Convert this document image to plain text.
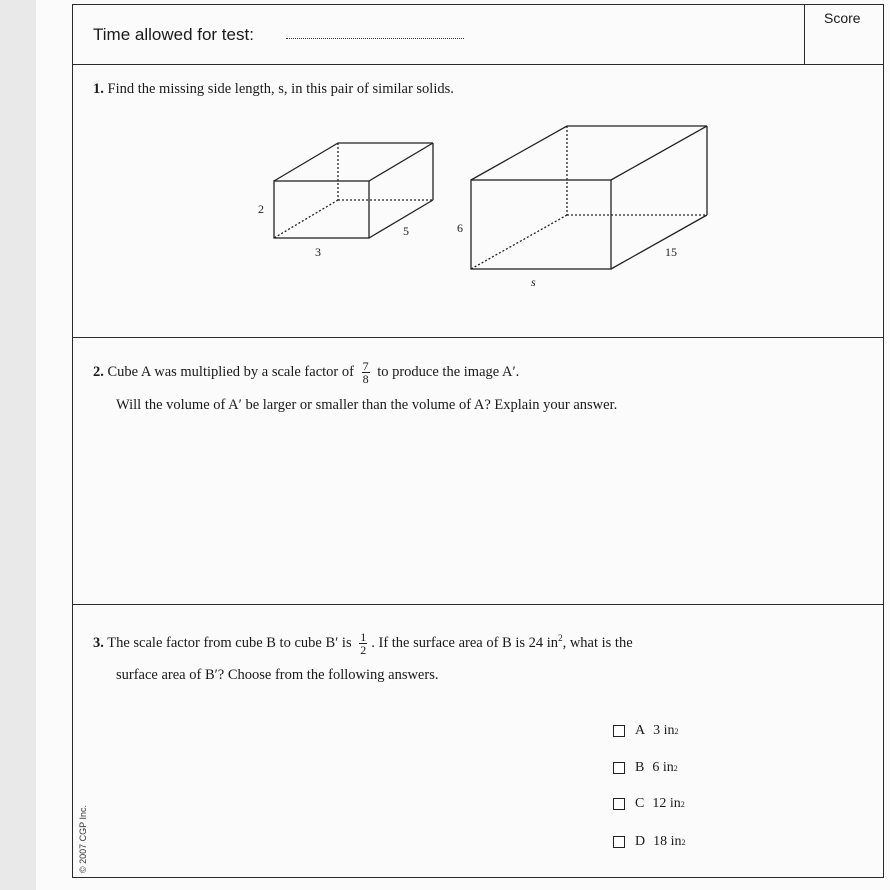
Time allowed for test:
Score
1. Find the missing side length, s, in this pair of similar solids.
2
3
5	6
s
15
2. Cube A was multiplied by a scale factor of $\frac{7}{8}$ to produce the image A′.
Will the volume of A′ be larger or smaller than the volume of A? Explain your answer.
3. The scale factor from cube B to cube B′ is $\frac{1}{2}$ . If the surface area of B is 24 $in^2$, what is the
surface area of B′? Choose from the following answers.
A 3 in 2
B 6 in 2
C 12 in 2
D 18 in 2
© 2007 CGP Inc.
